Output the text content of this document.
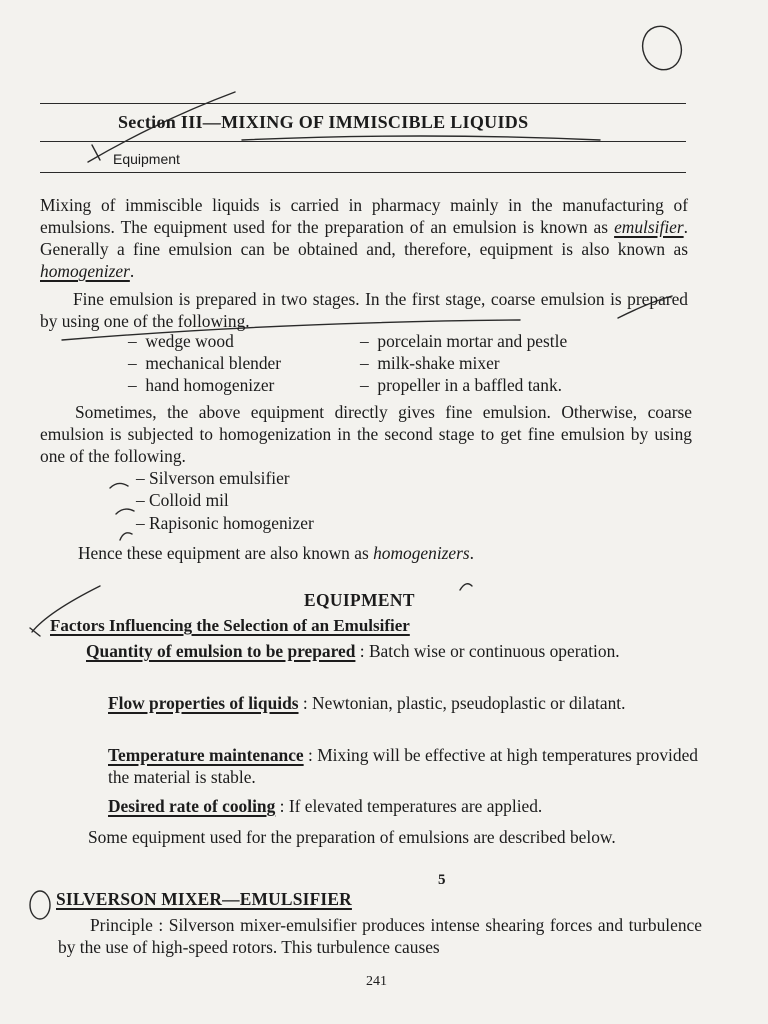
Section III—MIXING OF IMMISCIBLE LIQUIDS
Equipment
Mixing of immiscible liquids is carried in pharmacy mainly in the manufacturing of emulsions. The equipment used for the preparation of an emulsion is known as emulsifier. Generally a fine emulsion can be obtained and, therefore, equipment is also known as homogenizer.
Fine emulsion is prepared in two stages. In the first stage, coarse emulsion is prepared by using one of the following.
–  wedge wood
–  mechanical blender
–  hand homogenizer
–  porcelain mortar and pestle
–  milk-shake mixer
–  propeller in a baffled tank.
Sometimes, the above equipment directly gives fine emulsion. Otherwise, coarse emulsion is subjected to homogenization in the second stage to get fine emulsion by using one of the following.
– Silverson emulsifier
– Colloid mil
– Rapisonic homogenizer
Hence these equipment are also known as homogenizers.
EQUIPMENT
Factors Influencing the Selection of an Emulsifier
Quantity of emulsion to be prepared : Batch wise or continuous operation.
Flow properties of liquids : Newtonian, plastic, pseudoplastic or dilatant.
Temperature maintenance : Mixing will be effective at high temperatures provided the material is stable.
Desired rate of cooling : If elevated temperatures are applied.
Some equipment used for the preparation of emulsions are described below.
SILVERSON MIXER—EMULSIFIER
5
Principle : Silverson mixer-emulsifier produces intense shearing forces and turbulence by the use of high-speed rotors. This turbulence causes
241
